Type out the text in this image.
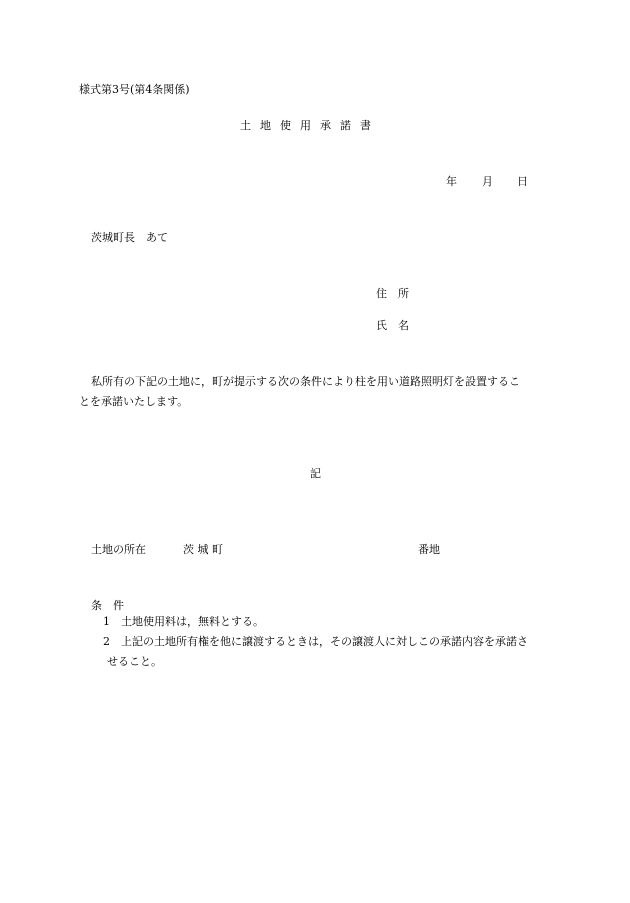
様式第3号(第4条関係)
土地使用承諾書
年 月 日
茨城町長　あて
住　所
氏　名
私所有の下記の土地に，町が提示する次の条件により柱を用い道路照明灯を設置するこ
とを承諾いたします。
記
土地の所在	茨 城 町	番地
条　件
1　土地使用料は，無料とする。
2　上記の土地所有権を他に譲渡するときは，その譲渡人に対しこの承諾内容を承諾さ
せること。
